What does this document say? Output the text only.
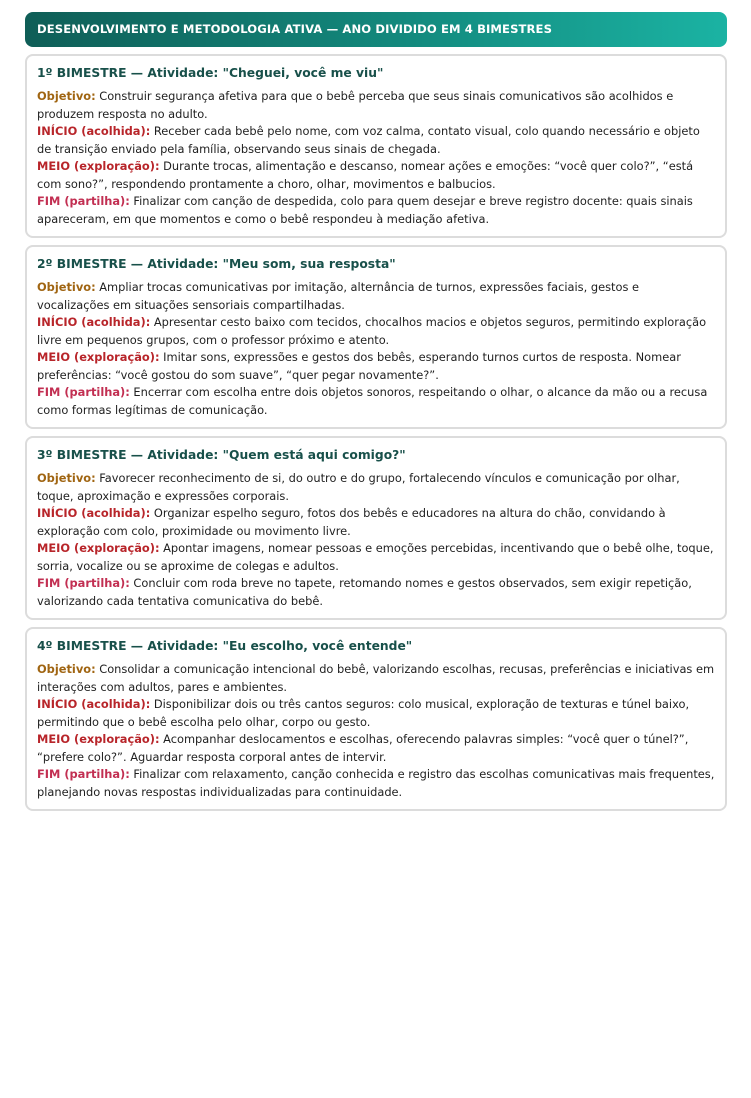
DESENVOLVIMENTO E METODOLOGIA ATIVA — ANO DIVIDIDO EM 4 BIMESTRES
1º BIMESTRE — Atividade: "Cheguei, você me viu"

Objetivo: Construir segurança afetiva para que o bebê perceba que seus sinais comunicativos são acolhidos e produzem resposta no adulto.

INÍCIO (acolhida): Receber cada bebê pelo nome, com voz calma, contato visual, colo quando necessário e objeto de transição enviado pela família, observando seus sinais de chegada.

MEIO (exploração): Durante trocas, alimentação e descanso, nomear ações e emoções: “você quer colo?”, “está com sono?”, respondendo prontamente a choro, olhar, movimentos e balbucios.

FIM (partilha): Finalizar com canção de despedida, colo para quem desejar e breve registro docente: quais sinais apareceram, em que momentos e como o bebê respondeu à mediação afetiva.

2º BIMESTRE — Atividade: "Meu som, sua resposta"

Objetivo: Ampliar trocas comunicativas por imitação, alternância de turnos, expressões faciais, gestos e vocalizações em situações sensoriais compartilhadas.

INÍCIO (acolhida): Apresentar cesto baixo com tecidos, chocalhos macios e objetos seguros, permitindo exploração livre em pequenos grupos, com o professor próximo e atento.

MEIO (exploração): Imitar sons, expressões e gestos dos bebês, esperando turnos curtos de resposta. Nomear preferências: “você gostou do som suave”, “quer pegar novamente?”.

FIM (partilha): Encerrar com escolha entre dois objetos sonoros, respeitando o olhar, o alcance da mão ou a recusa como formas legítimas de comunicação.

3º BIMESTRE — Atividade: "Quem está aqui comigo?"

Objetivo: Favorecer reconhecimento de si, do outro e do grupo, fortalecendo vínculos e comunicação por olhar, toque, aproximação e expressões corporais.

INÍCIO (acolhida): Organizar espelho seguro, fotos dos bebês e educadores na altura do chão, convidando à exploração com colo, proximidade ou movimento livre.

MEIO (exploração): Apontar imagens, nomear pessoas e emoções percebidas, incentivando que o bebê olhe, toque, sorria, vocalize ou se aproxime de colegas e adultos.

FIM (partilha): Concluir com roda breve no tapete, retomando nomes e gestos observados, sem exigir repetição, valorizando cada tentativa comunicativa do bebê.

4º BIMESTRE — Atividade: "Eu escolho, você entende"

Objetivo: Consolidar a comunicação intencional do bebê, valorizando escolhas, recusas, preferências e iniciativas em interações com adultos, pares e ambientes.

INÍCIO (acolhida): Disponibilizar dois ou três cantos seguros: colo musical, exploração de texturas e túnel baixo, permitindo que o bebê escolha pelo olhar, corpo ou gesto.

MEIO (exploração): Acompanhar deslocamentos e escolhas, oferecendo palavras simples: “você quer o túnel?”, “prefere colo?”. Aguardar resposta corporal antes de intervir.

FIM (partilha): Finalizar com relaxamento, canção conhecida e registro das escolhas comunicativas mais frequentes, planejando novas respostas individualizadas para continuidade.
